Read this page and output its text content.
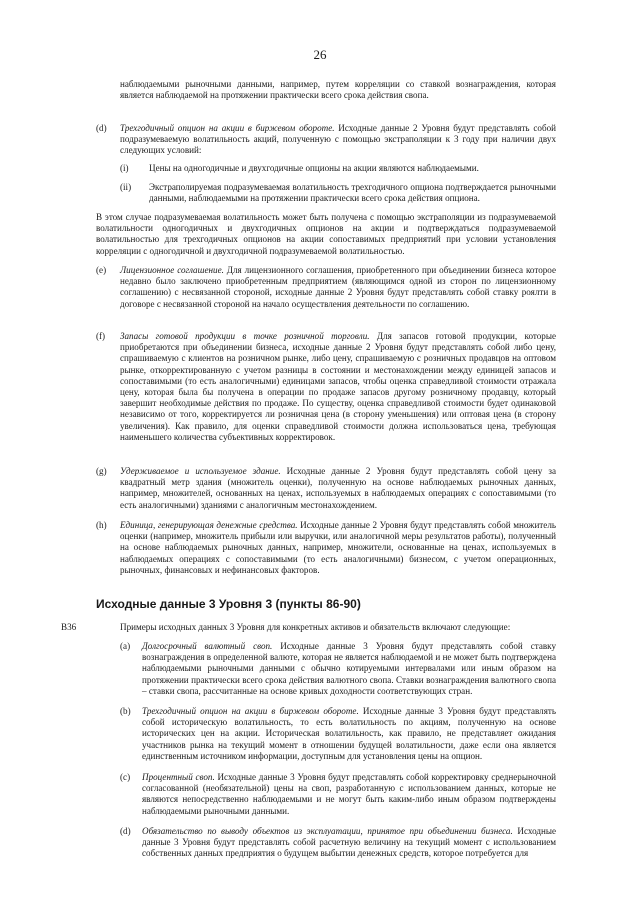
26
наблюдаемыми рыночными данными, например, путем корреляции со ставкой вознаграждения, которая является наблюдаемой на протяжении практически всего срока действия свопа.
(d) Трехгодичный опцион на акции в биржевом обороте. Исходные данные 2 Уровня будут представлять собой подразумеваемую волатильность акций, полученную с помощью экстраполяции к 3 году при наличии двух следующих условий:
(i) Цены на одногодичные и двухгодичные опционы на акции являются наблюдаемыми.
(ii) Экстраполируемая подразумеваемая волатильность трехгодичного опциона подтверждается рыночными данными, наблюдаемыми на протяжении практически всего срока действия опциона.
В этом случае подразумеваемая волатильность может быть получена с помощью экстраполяции из подразумеваемой волатильности одногодичных и двухгодичных опционов на акции и подтверждаться подразумеваемой волатильностью для трехгодичных опционов на акции сопоставимых предприятий при условии установления корреляции с одногодичной и двухгодичной подразумеваемой волатильностью.
(e) Лицензионное соглашение. Для лицензионного соглашения, приобретенного при объединении бизнеса которое недавно было заключено приобретенным предприятием (являющимся одной из сторон по лицензионному соглашению) с несвязанной стороной, исходные данные 2 Уровня будут представлять собой ставку роялти в договоре с несвязанной стороной на начало осуществления деятельности по соглашению.
(f) Запасы готовой продукции в точке розничной торговли. Для запасов готовой продукции, которые приобретаются при объединении бизнеса, исходные данные 2 Уровня будут представлять собой либо цену, спрашиваемую с клиентов на розничном рынке, либо цену, спрашиваемую с розничных продавцов на оптовом рынке, откорректированную с учетом разницы в состоянии и местонахождении между единицей запасов и сопоставимыми (то есть аналогичными) единицами запасов, чтобы оценка справедливой стоимости отражала цену, которая была бы получена в операции по продаже запасов другому розничному продавцу, который завершит необходимые действия по продаже. По существу, оценка справедливой стоимости будет одинаковой независимо от того, корректируется ли розничная цена (в сторону уменьшения) или оптовая цена (в сторону увеличения). Как правило, для оценки справедливой стоимости должна использоваться цена, требующая наименьшего количества субъективных корректировок.
(g) Удерживаемое и используемое здание. Исходные данные 2 Уровня будут представлять собой цену за квадратный метр здания (множитель оценки), полученную на основе наблюдаемых рыночных данных, например, множителей, основанных на ценах, используемых в наблюдаемых операциях с сопоставимыми (то есть аналогичными) зданиями с аналогичным местонахождением.
(h) Единица, генерирующая денежные средства. Исходные данные 2 Уровня будут представлять собой множитель оценки (например, множитель прибыли или выручки, или аналогичной меры результатов работы), полученный на основе наблюдаемых рыночных данных, например, множители, основанные на ценах, используемых в наблюдаемых операциях с сопоставимыми (то есть аналогичными) бизнесом, с учетом операционных, рыночных, финансовых и нефинансовых факторов.
Исходные данные 3 Уровня 3 (пункты 86-90)
B36	Примеры исходных данных 3 Уровня для конкретных активов и обязательств включают следующие:
(a) Долгосрочный валютный своп. Исходные данные 3 Уровня будут представлять собой ставку вознаграждения в определенной валюте, которая не является наблюдаемой и не может быть подтверждена наблюдаемыми рыночными данными с обычно котируемыми интервалами или иным образом на протяжении практически всего срока действия валютного свопа. Ставки вознаграждения валютного свопа – ставки свопа, рассчитанные на основе кривых доходности соответствующих стран.
(b) Трехгодичный опцион на акции в биржевом обороте. Исходные данные 3 Уровня будут представлять собой историческую волатильность, то есть волатильность по акциям, полученную на основе исторических цен на акции. Историческая волатильность, как правило, не представляет ожидания участников рынка на текущий момент в отношении будущей волатильности, даже если она является единственным источником информации, доступным для установления цены на опцион.
(c) Процентный своп. Исходные данные 3 Уровня будут представлять собой корректировку среднерыночной согласованной (необязательной) цены на своп, разработанную с использованием данных, которые не являются непосредственно наблюдаемыми и не могут быть каким-либо иным образом подтверждены наблюдаемыми рыночными данными.
(d) Обязательство по выводу объектов из эксплуатации, принятое при объединении бизнеса. Исходные данные 3 Уровня будут представлять собой расчетную величину на текущий момент с использованием собственных данных предприятия о будущем выбытии денежных средств, которое потребуется для
